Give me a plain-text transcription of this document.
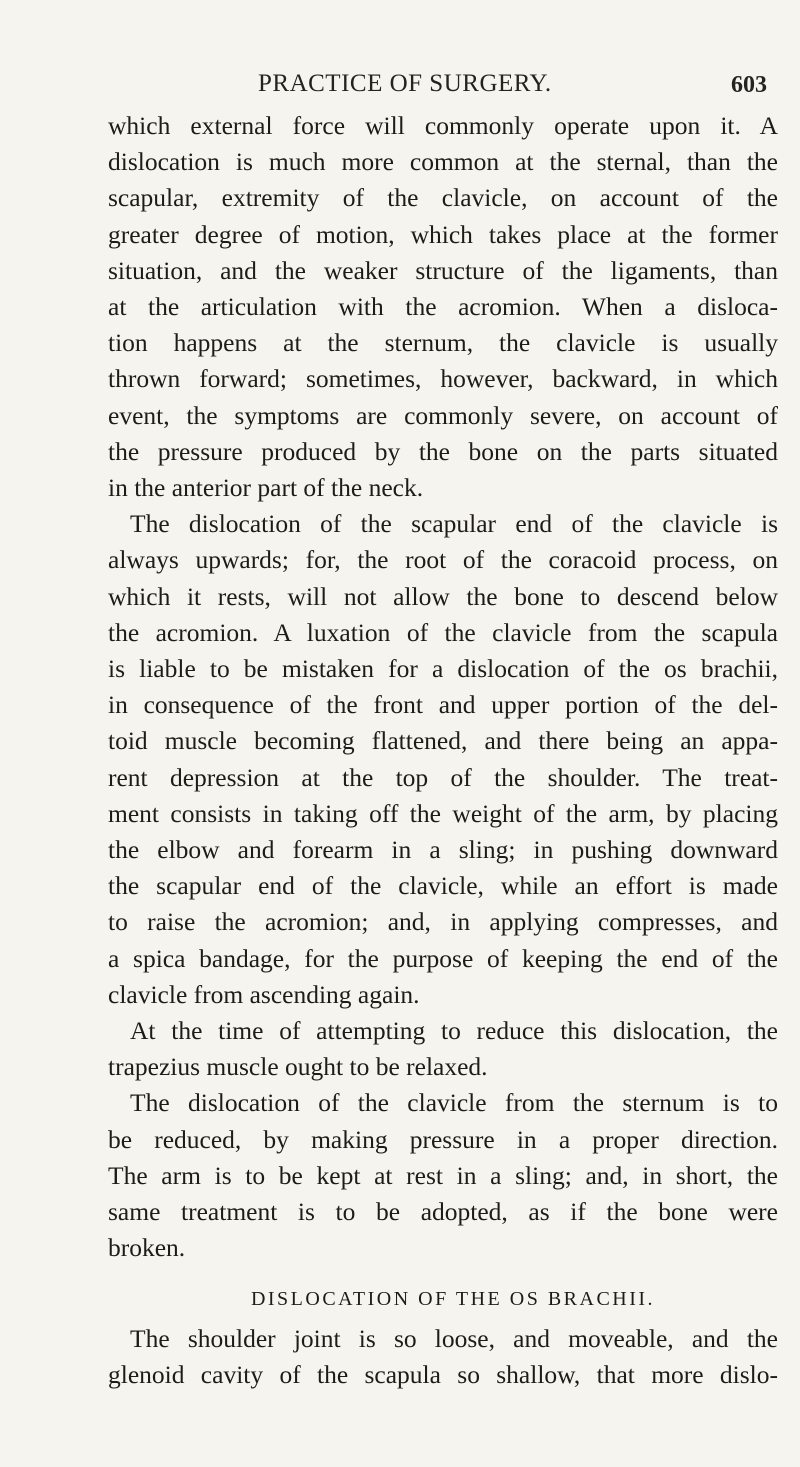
PRACTICE OF SURGERY.	603
which external force will commonly operate upon it. A
dislocation is much more common at the sternal, than the
scapular, extremity of the clavicle, on account of the
greater degree of motion, which takes place at the former
situation, and the weaker structure of the ligaments, than
at the articulation with the acromion. When a disloca-
tion happens at the sternum, the clavicle is usually
thrown forward; sometimes, however, backward, in which
event, the symptoms are commonly severe, on account of
the pressure produced by the bone on the parts situated
in the anterior part of the neck.
The dislocation of the scapular end of the clavicle is
always upwards; for, the root of the coracoid process, on
which it rests, will not allow the bone to descend below
the acromion. A luxation of the clavicle from the scapula
is liable to be mistaken for a dislocation of the os brachii,
in consequence of the front and upper portion of the del-
toid muscle becoming flattened, and there being an appa-
rent depression at the top of the shoulder. The treat-
ment consists in taking off the weight of the arm, by placing
the elbow and forearm in a sling; in pushing downward
the scapular end of the clavicle, while an effort is made
to raise the acromion; and, in applying compresses, and
a spica bandage, for the purpose of keeping the end of the
clavicle from ascending again.
At the time of attempting to reduce this dislocation, the
trapezius muscle ought to be relaxed.
The dislocation of the clavicle from the sternum is to
be reduced, by making pressure in a proper direction.
The arm is to be kept at rest in a sling; and, in short, the
same treatment is to be adopted, as if the bone were
broken.
DISLOCATION OF THE OS BRACHII.
The shoulder joint is so loose, and moveable, and the
glenoid cavity of the scapula so shallow, that more dislo-
